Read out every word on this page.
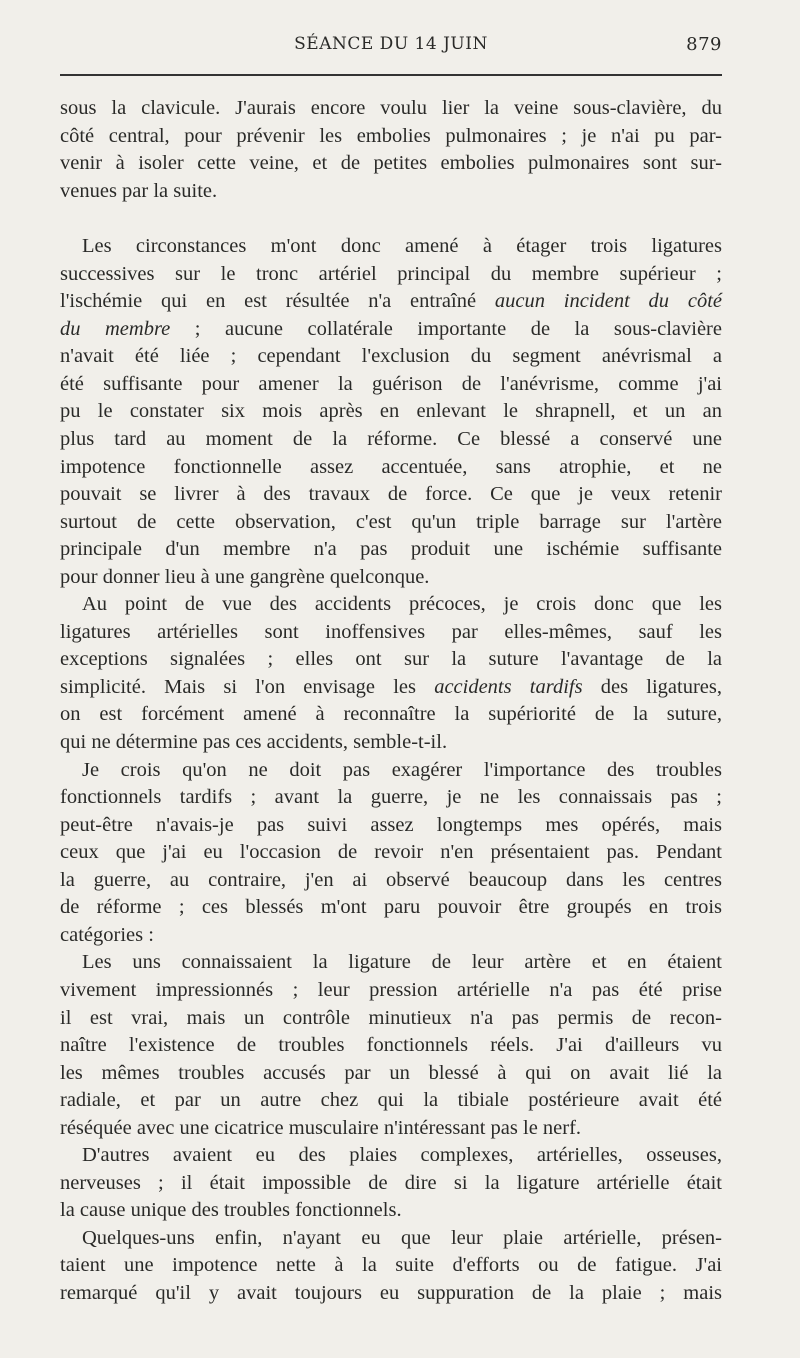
SÉANCE DU 14 JUIN	879

sous la clavicule. J'aurais encore voulu lier la veine sous-clavière, du

côté central, pour prévenir les embolies pulmonaires ; je n'ai pu par-

venir à isoler cette veine, et de petites embolies pulmonaires sont sur-

venues par la suite.

Les circonstances m'ont donc amené à étager trois ligatures

successives sur le tronc artériel principal du membre supérieur ;

l'ischémie qui en est résultée n'a entraîné aucun incident du côté

du membre ; aucune collatérale importante de la sous-clavière

n'avait été liée ; cependant l'exclusion du segment anévrismal a

été suffisante pour amener la guérison de l'anévrisme, comme j'ai

pu le constater six mois après en enlevant le shrapnell, et un an

plus tard au moment de la réforme. Ce blessé a conservé une

impotence fonctionnelle assez accentuée, sans atrophie, et ne

pouvait se livrer à des travaux de force. Ce que je veux retenir

surtout de cette observation, c'est qu'un triple barrage sur l'artère

principale d'un membre n'a pas produit une ischémie suffisante

pour donner lieu à une gangrène quelconque.

Au point de vue des accidents précoces, je crois donc que les

ligatures artérielles sont inoffensives par elles-mêmes, sauf les

exceptions signalées ; elles ont sur la suture l'avantage de la

simplicité. Mais si l'on envisage les accidents tardifs des ligatures,

on est forcément amené à reconnaître la supériorité de la suture,

qui ne détermine pas ces accidents, semble-t-il.

Je crois qu'on ne doit pas exagérer l'importance des troubles

fonctionnels tardifs ; avant la guerre, je ne les connaissais pas ;

peut-être n'avais-je pas suivi assez longtemps mes opérés, mais

ceux que j'ai eu l'occasion de revoir n'en présentaient pas. Pendant

la guerre, au contraire, j'en ai observé beaucoup dans les centres

de réforme ; ces blessés m'ont paru pouvoir être groupés en trois

catégories :

Les uns connaissaient la ligature de leur artère et en étaient

vivement impressionnés ; leur pression artérielle n'a pas été prise

il est vrai, mais un contrôle minutieux n'a pas permis de recon-

naître l'existence de troubles fonctionnels réels. J'ai d'ailleurs vu

les mêmes troubles accusés par un blessé à qui on avait lié la

radiale, et par un autre chez qui la tibiale postérieure avait été

réséquée avec une cicatrice musculaire n'intéressant pas le nerf.

D'autres avaient eu des plaies complexes, artérielles, osseuses,

nerveuses ; il était impossible de dire si la ligature artérielle était

la cause unique des troubles fonctionnels.

Quelques-uns enfin, n'ayant eu que leur plaie artérielle, présen-

taient une impotence nette à la suite d'efforts ou de fatigue. J'ai

remarqué qu'il y avait toujours eu suppuration de la plaie ; mais
